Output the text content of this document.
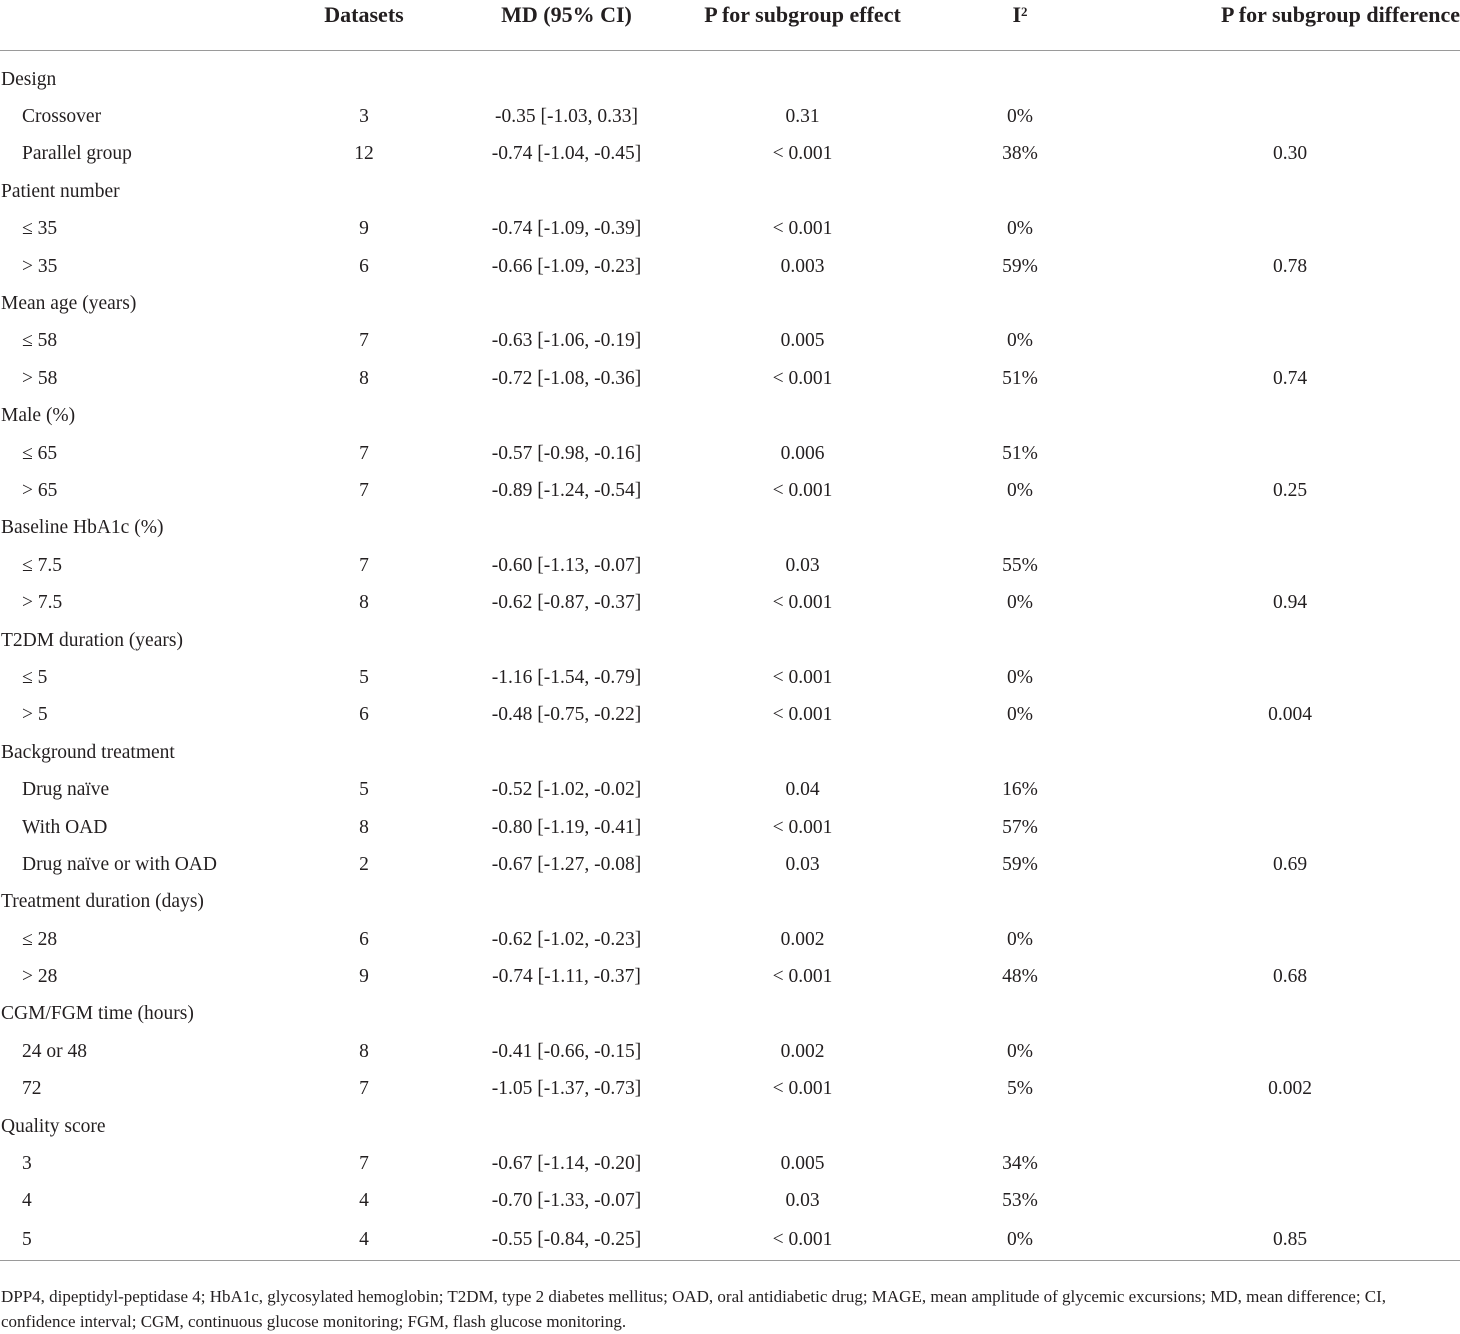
	Datasets	MD (95% CI)	P for subgroup effect	$I^2$	P for subgroup difference
Design					
Crossover	3	-0.35 [-1.03, 0.33]	0.31	0%	
Parallel group	12	-0.74 [-1.04, -0.45]	< 0.001	38%	0.30
Patient number					
≤ 35	9	-0.74 [-1.09, -0.39]	< 0.001	0%	
> 35	6	-0.66 [-1.09, -0.23]	0.003	59%	0.78
Mean age (years)					
≤ 58	7	-0.63 [-1.06, -0.19]	0.005	0%	
> 58	8	-0.72 [-1.08, -0.36]	< 0.001	51%	0.74
Male (%)					
≤ 65	7	-0.57 [-0.98, -0.16]	0.006	51%	
> 65	7	-0.89 [-1.24, -0.54]	< 0.001	0%	0.25
Baseline HbA1c (%)					
≤ 7.5	7	-0.60 [-1.13, -0.07]	0.03	55%	
> 7.5	8	-0.62 [-0.87, -0.37]	< 0.001	0%	0.94
T2DM duration (years)					
≤ 5	5	-1.16 [-1.54, -0.79]	< 0.001	0%	
> 5	6	-0.48 [-0.75, -0.22]	< 0.001	0%	0.004
Background treatment					
Drug naïve	5	-0.52 [-1.02, -0.02]	0.04	16%	
With OAD	8	-0.80 [-1.19, -0.41]	< 0.001	57%	
Drug naïve or with OAD	2	-0.67 [-1.27, -0.08]	0.03	59%	0.69
Treatment duration (days)					
≤ 28	6	-0.62 [-1.02, -0.23]	0.002	0%	
> 28	9	-0.74 [-1.11, -0.37]	< 0.001	48%	0.68
CGM/FGM time (hours)					
24 or 48	8	-0.41 [-0.66, -0.15]	0.002	0%	
72	7	-1.05 [-1.37, -0.73]	< 0.001	5%	0.002
Quality score					
3	7	-0.67 [-1.14, -0.20]	0.005	34%	
4	4	-0.70 [-1.33, -0.07]	0.03	53%	
5	4	-0.55 [-0.84, -0.25]	< 0.001	0%	0.85
DPP4, dipeptidyl-peptidase 4; HbA1c, glycosylated hemoglobin; T2DM, type 2 diabetes mellitus; OAD, oral antidiabetic drug; MAGE, mean amplitude of glycemic excursions; MD, mean difference; CI, confidence interval; CGM, continuous glucose monitoring; FGM, flash glucose monitoring.
